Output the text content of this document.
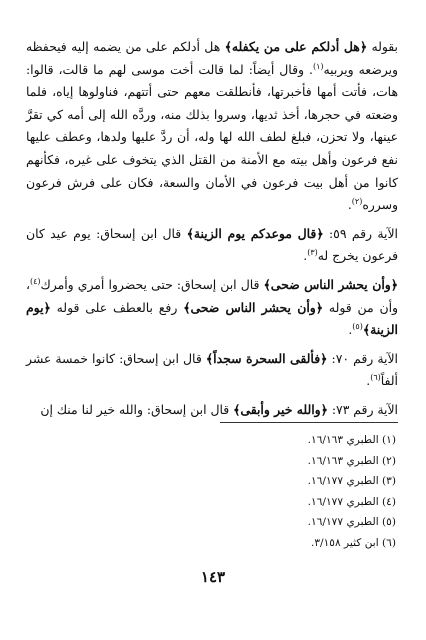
بقوله ﴿هل أدلكم على من يكفله﴾ هل أدلكم على من يضمه إليه فيحفظه ويرضعه ويربيه$^{(١)}$. وقال أيضاً: لما قالت أخت موسى لهم ما قالت، قالوا: هات، فأتت أمها فأخبرتها، فأنطلقت معهم حتى أتتهم، فناولوها إياه، فلما وضعته في حجرها، أخذ ثديها، وسروا بذلك منه، وردَّه الله إلى أمه كي تقرَّ عينها، ولا تحزن، فبلغ لطف الله لها وله، أن ردَّ عليها ولدها، وعطف عليها نفع فرعون وأهل بيته مع الأمنة من القتل الذي يتخوف على غيره، فكأنهم كانوا من أهل بيت فرعون في الأمان والسعة، فكان على فرش فرعون وسرره$^{(٢)}$.

الآية رقم ٥٩: ﴿قال موعدكم يوم الزينة﴾ قال ابن إسحاق: يوم عيد كان فرعون يخرج له$^{(٣)}$.

﴿وأن يحشر الناس ضحى﴾ قال ابن إسحاق: حتى يحضروا أمري وأمرك$^{(٤)}$، وأن من قوله ﴿وأن يحشر الناس ضحى﴾ رفع بالعطف على قوله ﴿يوم الزينة﴾$^{(٥)}$.

الآية رقم ٧٠: ﴿فألقى السحرة سجداً﴾ قال ابن إسحاق: كانوا خمسة عشر ألفاً$^{(٦)}$.

الآية رقم ٧٣: ﴿والله خير وأبقى﴾ قال ابن إسحاق: والله خير لنا منك إن

(١) الطبري ١٦/١٦٣.
(٢) الطبري ١٦/١٦٣.
(٣) الطبري ١٦/١٧٧.
(٤) الطبري ١٦/١٧٧.
(٥) الطبري ١٦/١٧٧.
(٦) ابن كثير ٣/١٥٨.
١٤٣
